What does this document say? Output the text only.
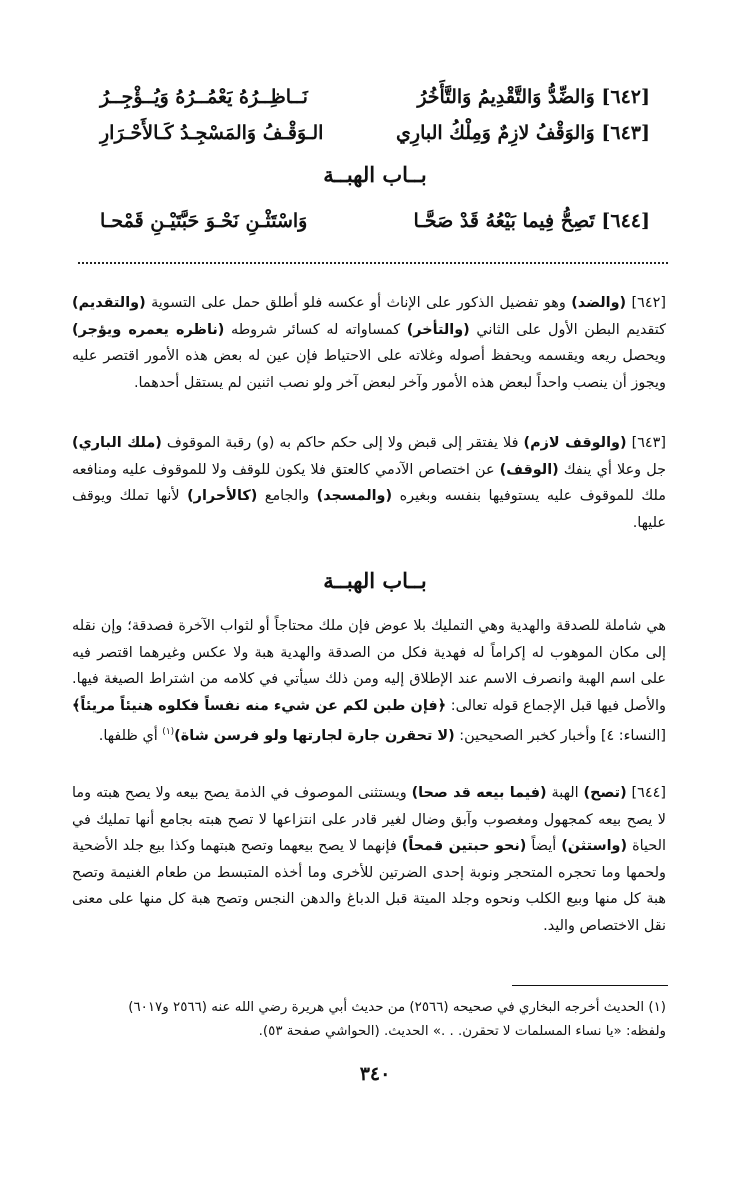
[٦٤٢] وَالضِّدُّ وَالتَّقْدِيمُ وَالتَّأَخُرُ
نَــاظِــرُهُ يَعْمُــرُهُ وَيُــؤْجِــرُ
[٦٤٣] وَالوَقْفُ لازِمٌ وَمِلْكُ البارِي
الـوَقْـفُ وَالمَسْجِـدُ كَـالأَحْـرَارِ
بــاب الهبــة
[٦٤٤] تَصِحُّ فِيما بَيْعُهُ قَدْ صَحَّـا
وَاسْتَثْـنِ نَحْـوَ حَبَّتَيْـنِ قَمْحـا

[٦٤٢] (والضد) وهو تفضيل الذكور على الإناث أو عكسه فلو أطلق حمل على التسوية (والتقديم) كتقديم البطن الأول على الثاني (والتأخر) كمساواته له كسائر شروطه (ناظره يعمره ويؤجر) ويحصل ريعه ويقسمه ويحفظ أصوله وغلاته على الاحتياط فإن عين له بعض هذه الأمور اقتصر عليه ويجوز أن ينصب واحداً لبعض هذه الأمور وآخر لبعض آخر ولو نصب اثنين لم يستقل أحدهما.

[٦٤٣] (والوقف لازم) فلا يفتقر إلى قبض ولا إلى حكم حاكم به (و) رقبة الموقوف (ملك الباري) جل وعلا أي ينفك (الوقف) عن اختصاص الآدمي كالعتق فلا يكون للوقف ولا للموقوف عليه ومنافعه ملك للموقوف عليه يستوفيها بنفسه وبغيره (والمسجد) والجامع (كالأحرار) لأنها تملك ويوقف عليها.

بــاب الهبــة

هي شاملة للصدقة والهدية وهي التمليك بلا عوض فإن ملك محتاجاً أو لثواب الآخرة فصدقة؛ وإن نقله إلى مكان الموهوب له إكراماً له فهدية فكل من الصدقة والهدية هبة ولا عكس وغيرهما اقتصر فيه على اسم الهبة وانصرف الاسم عند الإطلاق إليه ومن ذلك سيأتي في كلامه من اشتراط الصيغة فيها. والأصل فيها قبل الإجماع قوله تعالى: ﴿فإن طبن لكم عن شيء منه نفساً فكلوه هنيئاً مريئاً﴾ [النساء: ٤] وأخبار كخبر الصحيحين: (لا تحقرن جارة لجارتها ولو فرسن شاة)$^{(١)}$ أي ظلفها.

[٦٤٤] (تصح) الهبة (فيما بيعه قد صحا) ويستثنى الموصوف في الذمة يصح بيعه ولا يصح هبته وما لا يصح بيعه كمجهول ومغصوب وآبق وضال لغير قادر على انتزاعها لا تصح هبته بجامع أنها تمليك في الحياة (واستثن) أيضاً (نحو حبتين قمحاً) فإنهما لا يصح بيعهما وتصح هبتهما وكذا بيع جلد الأضحية ولحمها وما تحجره المتحجر ونوبة إحدى الضرتين للأخرى وما أخذه المتبسط من طعام الغنيمة وتصح هبة كل منها وبيع الكلب ونحوه وجلد الميتة قبل الدباغ والدهن النجس وتصح هبة كل منها على معنى نقل الاختصاص واليد.

(١) الحديث أخرجه البخاري في صحيحه (٢٥٦٦) من حديث أبي هريرة رضي الله عنه (٢٥٦٦ و٦٠١٧)
ولفظه: «يا نساء المسلمات لا تحقرن. . .» الحديث. (الحواشي صفحة ٥٣).
٣٤٠
